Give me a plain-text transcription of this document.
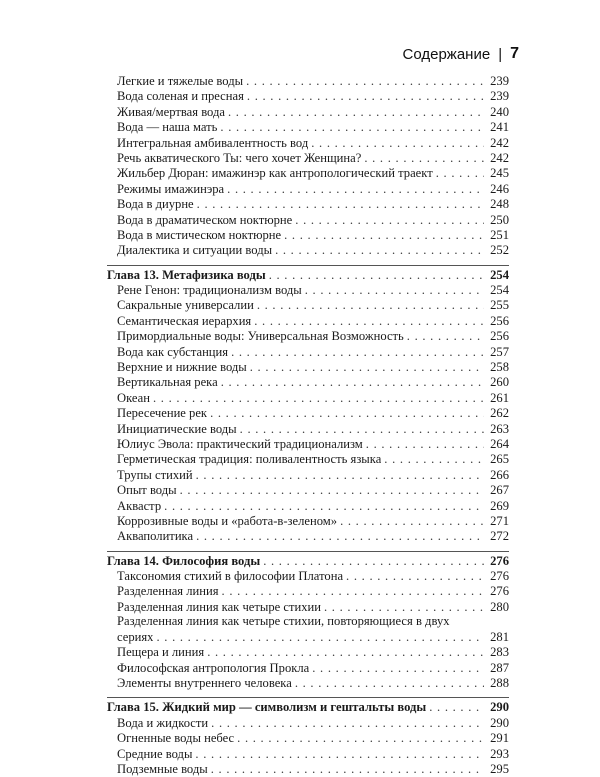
Содержание | 7
Легкие и тяжелые воды . . .	239
Вода соленая и пресная . . .	239
Живая/мертвая вода . . .	240
Вода — наша мать . . .	241
Интегральная амбивалентность вод . . .	242
Речь акватического Ты: чего хочет Женщина? . . .	242
Жильбер Дюран: имажинэр как антропологический траект . . .	245
Режимы имажинэра . . .	246
Вода в диурне . . .	248
Вода в драматическом ноктюрне . . .	250
Вода в мистическом ноктюрне . . .	251
Диалектика и ситуации воды . . .	252
Глава 13. Метафизика воды . . .	254
Рене Генон: традиционализм воды . . .	254
Сакральные универсалии . . .	255
Семантическая иерархия . . .	256
Примордиальные воды: Универсальная Возможность . . .	256
Вода как субстанция . . .	257
Верхние и нижние воды . . .	258
Вертикальная река . . .	260
Океан . . .	261
Пересечение рек . . .	262
Инициатические воды . . .	263
Юлиус Эвола: практический традиционализм . . .	264
Герметическая традиция: поливалентность языка . . .	265
Трупы стихий . . .	266
Опыт воды . . .	267
Аквастр . . .	269
Коррозивные воды и «работа-в-зеленом» . . .	271
Акваполитика . . .	272
Глава 14. Философия воды . . .	276
Таксономия стихий в философии Платона . . .	276
Разделенная линия . . .	276
Разделенная линия как четыре стихии . . .	280
Разделенная линия как четыре стихии, повторяющиеся в двух
сериях . . .	281
Пещера и линия . . .	283
Философская антропология Прокла . . .	287
Элементы внутреннего человека . . .	288
Глава 15. Жидкий мир — символизм и гештальты воды . . .	290
Вода и жидкости . . .	290
Огненные воды небес . . .	291
Средние воды . . .	293
Подземные воды . . .	295
